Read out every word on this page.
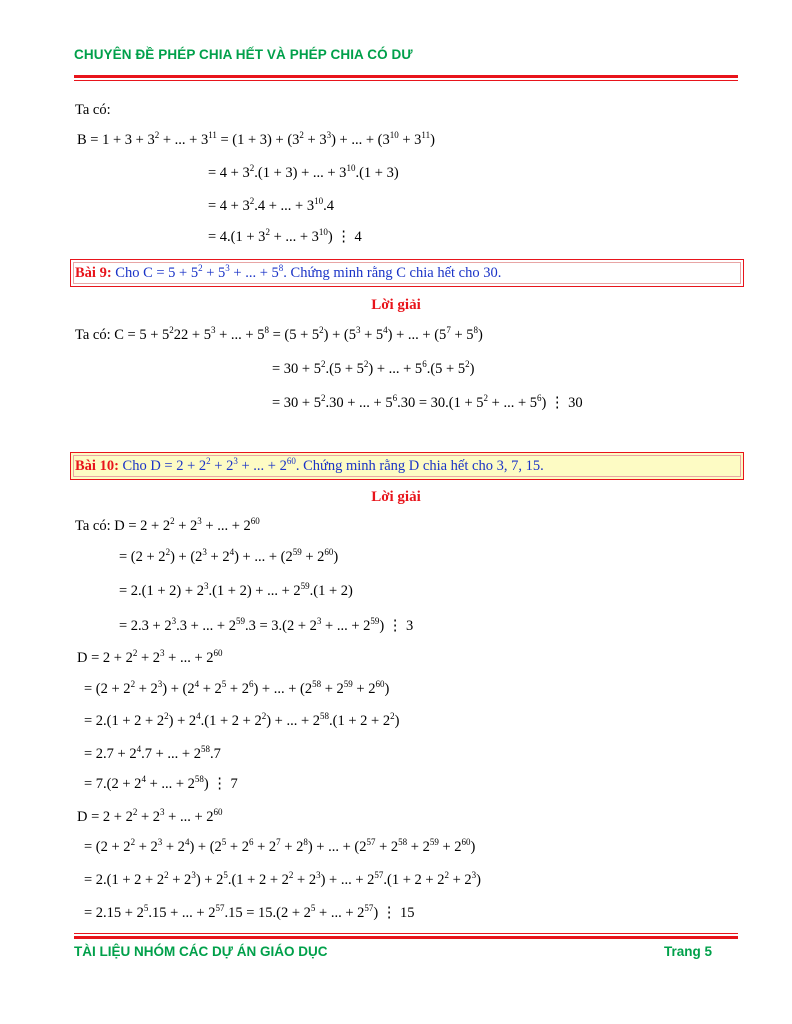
CHUYÊN ĐỀ PHÉP CHIA HẾT VÀ PHÉP CHIA CÓ DƯ
Ta có:
$B = 1 + 3 + 3^2$ + ... + $3^{11} = (1 + 3) + (3^2 + 3^3)$ + ... + $(3^{10} + 3^{11})$
= $4 + 3^2.(1 + 3)$ + ... + $3^{10}.(1 + 3)$
= $4 + 3^2.4$ + ... + $3^{10}.4$
= $4.(1 + 3^2$ + ... + $3^{10}$) ⋮ 4
Bài 9: Cho $C = 5 + 5^2 + 5^3$ + ... + $5^8$. Chứng minh rằng C chia hết cho 30.
Lời giải
Ta có: $C = 5 + 5^222 + 5^3$ + ... + $5^8 = (5 + 5^2) + (5^3 + 5^4)$ + ... + $(5^7 + 5^8)$
= $30 + 5^2.(5 + 5^2)$ + ... + $5^6.(5 + 5^2)$
= $30 + 5^2.30$ + ... + $5^6.30 = 30.(1 + 5^2$ + ... + $5^6$) ⋮ 30
Bài 10: Cho $D = 2 + 2^2 + 2^3$ + ... + $2^{60}$. Chứng minh rằng D chia hết cho 3, 7, 15.
Lời giải
Ta có: $D = 2 + 2^2 + 2^3$ + ... + $2^{60}$
= $(2 + 2^2) + (2^3 + 2^4)$ + ... + $(2^{59} + 2^{60})$
= $2.(1 + 2) + 2^3.(1 + 2)$ + ... + $2^{59}.(1 + 2)$
= $2.3 + 2^3.3$ + ... + $2^{59}.3 = 3.(2 + 2^3$ + ... + $2^{59}$) ⋮ 3
$D = 2 + 2^2 + 2^3$ + ... + $2^{60}$
= $(2 + 2^2 + 2^3) + (2^4 + 2^5 + 2^6)$ + ... + $(2^{58} + 2^{59} + 2^{60})$
= $2.(1 + 2 + 2^2) + 2^4.(1 + 2 + 2^2)$ + ... + $2^{58}.(1 + 2 + 2^2)$
= $2.7 + 2^4.7$ + ... + $2^{58}.7$
= $7.(2 + 2^4$ + ... + $2^{58}$) ⋮ 7
$D = 2 + 2^2 + 2^3$ + ... + $2^{60}$
= $(2 + 2^2 + 2^3 + 2^4) + (2^5 + 2^6 + 2^7 + 2^8)$ + ... + $(2^{57} + 2^{58} + 2^{59} + 2^{60})$
= $2.(1 + 2 + 2^2 + 2^3) + 2^5.(1 + 2 + 2^2 + 2^3)$ + ... + $2^{57}.(1 + 2 + 2^2 + 2^3)$
= $2.15 + 2^5.15$ + ... + $2^{57}.15 = 15.(2 + 2^5$ + ... + $2^{57}$) ⋮ 15
TÀI LIỆU NHÓM CÁC DỰ ÁN GIÁO DỤC	Trang 5
